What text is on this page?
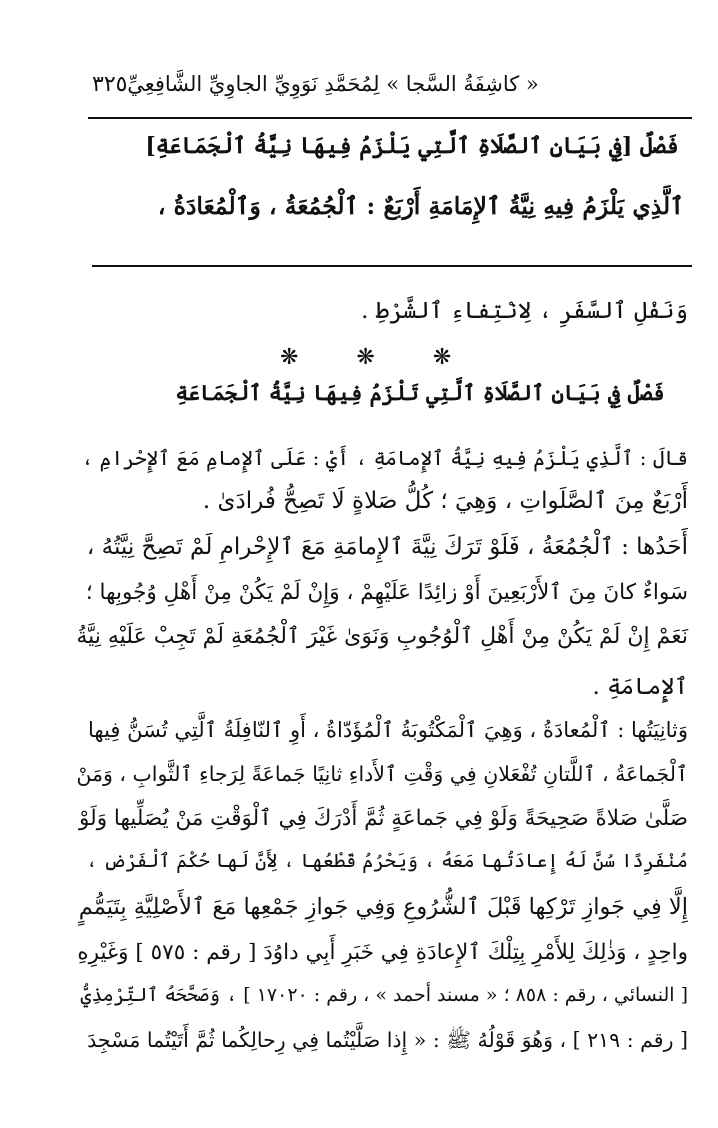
« كاشِفَةُ السَّجا » لِمُحَمَّدِ نَوَوِيِّ الجاوِيِّ الشَّافِعِيِّ
٣٢٥
فَصْلٌ [فِي بَيَانِ ٱلصَّلَاةِ ٱلَّتِي يَلْزَمُ فِيهَا نِيَّةُ ٱلْجَمَاعَةِ]
ٱلَّذِي يَلْزَمُ فِيهِ نِيَّةُ ٱلإِمَامَةِ أَرْبَعٌ : ٱلْجُمُعَةُ ، وَٱلْمُعَادَةُ ،
وَنَفْلِ ٱلسَّفَرِ ، لِانْتِفاءِ ٱلشَّرْطِ .
❋❋❋
فَصْلٌ فِي بَيَانِ ٱلصَّلَاةِ ٱلَّتِي تَلْزَمُ فِيهَا نِيَّةُ ٱلْجَمَاعَةِ
قالَ : ٱلَّذِي يَلْزَمُ فِيهِ نِيَّةُ ٱلإِمامَةِ ، أَيْ : عَلَى ٱلإِمامِ مَعَ ٱلإِحْرامِ ،
أَرْبَعٌ مِنَ ٱلصَّلَواتِ ، وَهِيَ ؛ كُلُّ صَلاةٍ لَا تَصِحُّ فُرادَىٰ .
أَحَدُها : ٱلْجُمُعَةُ ، فَلَوْ تَرَكَ نِيَّةَ ٱلإِمامَةِ مَعَ ٱلإِحْرامِ لَمْ تَصِحَّ نِيَّتُهُ ،
سَواءٌ كانَ مِنَ ٱلأَرْبَعِينَ أَوْ زائِدًا عَلَيْهِمْ ، وَإِنْ لَمْ يَكُنْ مِنْ أَهْلِ وُجُوبِها ؛
نَعَمْ إِنْ لَمْ يَكُنْ مِنْ أَهْلِ ٱلْوُجُوبِ وَنَوَىٰ غَيْرَ ٱلْجُمُعَةِ لَمْ تَجِبْ عَلَيْهِ نِيَّةُ
ٱلإِمامَةِ .
وَثانِيَتُها : ٱلْمُعادَةُ ، وَهِيَ ٱلْمَكْتُوبَةُ ٱلْمُؤَدّاةُ ، أَوِ ٱلنّافِلَةُ ٱلَّتِي تُسَنُّ فِيها
ٱلْجَماعَةُ ، ٱللَّتانِ تُفْعَلانِ فِي وَقْتِ ٱلأَداءِ ثانِيًا جَماعَةً لِرَجاءِ ٱلثَّوابِ ، وَمَنْ
صَلَّىٰ صَلاةً صَحِيحَةً وَلَوْ فِي جَماعَةٍ ثُمَّ أَدْرَكَ فِي ٱلْوَقْتِ مَنْ يُصَلِّيها وَلَوْ
مُنْفَرِدًا سُنَّ لَهُ إِعادَتُها مَعَهُ ، وَيَحْرُمُ قَطْعُها ، لِأَنَّ لَها حُكْمَ ٱلْفَرْضِ ،
إِلَّا فِي جَوازِ تَرْكِها قَبْلَ ٱلشُّرُوعِ وَفِي جَوازِ جَمْعِها مَعَ ٱلأَصْلِيَّةِ بِتَيَمُّمٍ
واحِدٍ ، وَذٰلِكَ لِلأَمْرِ بِتِلْكَ ٱلإِعادَةِ فِي خَبَرِ أَبِي داوُدَ [ رقم : ٥٧٥ ] وَغَيْرِهِ
[ النسائي ، رقم : ٨٥٨ ؛ « مسند أحمد » ، رقم : ١٧٠٢٠ ] ، وَصَحَّحَهُ ٱلتِّرْمِذِيُّ
[ رقم : ٢١٩ ] ، وَهُوَ قَوْلُهُ ﷺ : « إِذا صَلَّيْتُما فِي رِحالِكُما ثُمَّ أَتَيْتُما مَسْجِدَ
